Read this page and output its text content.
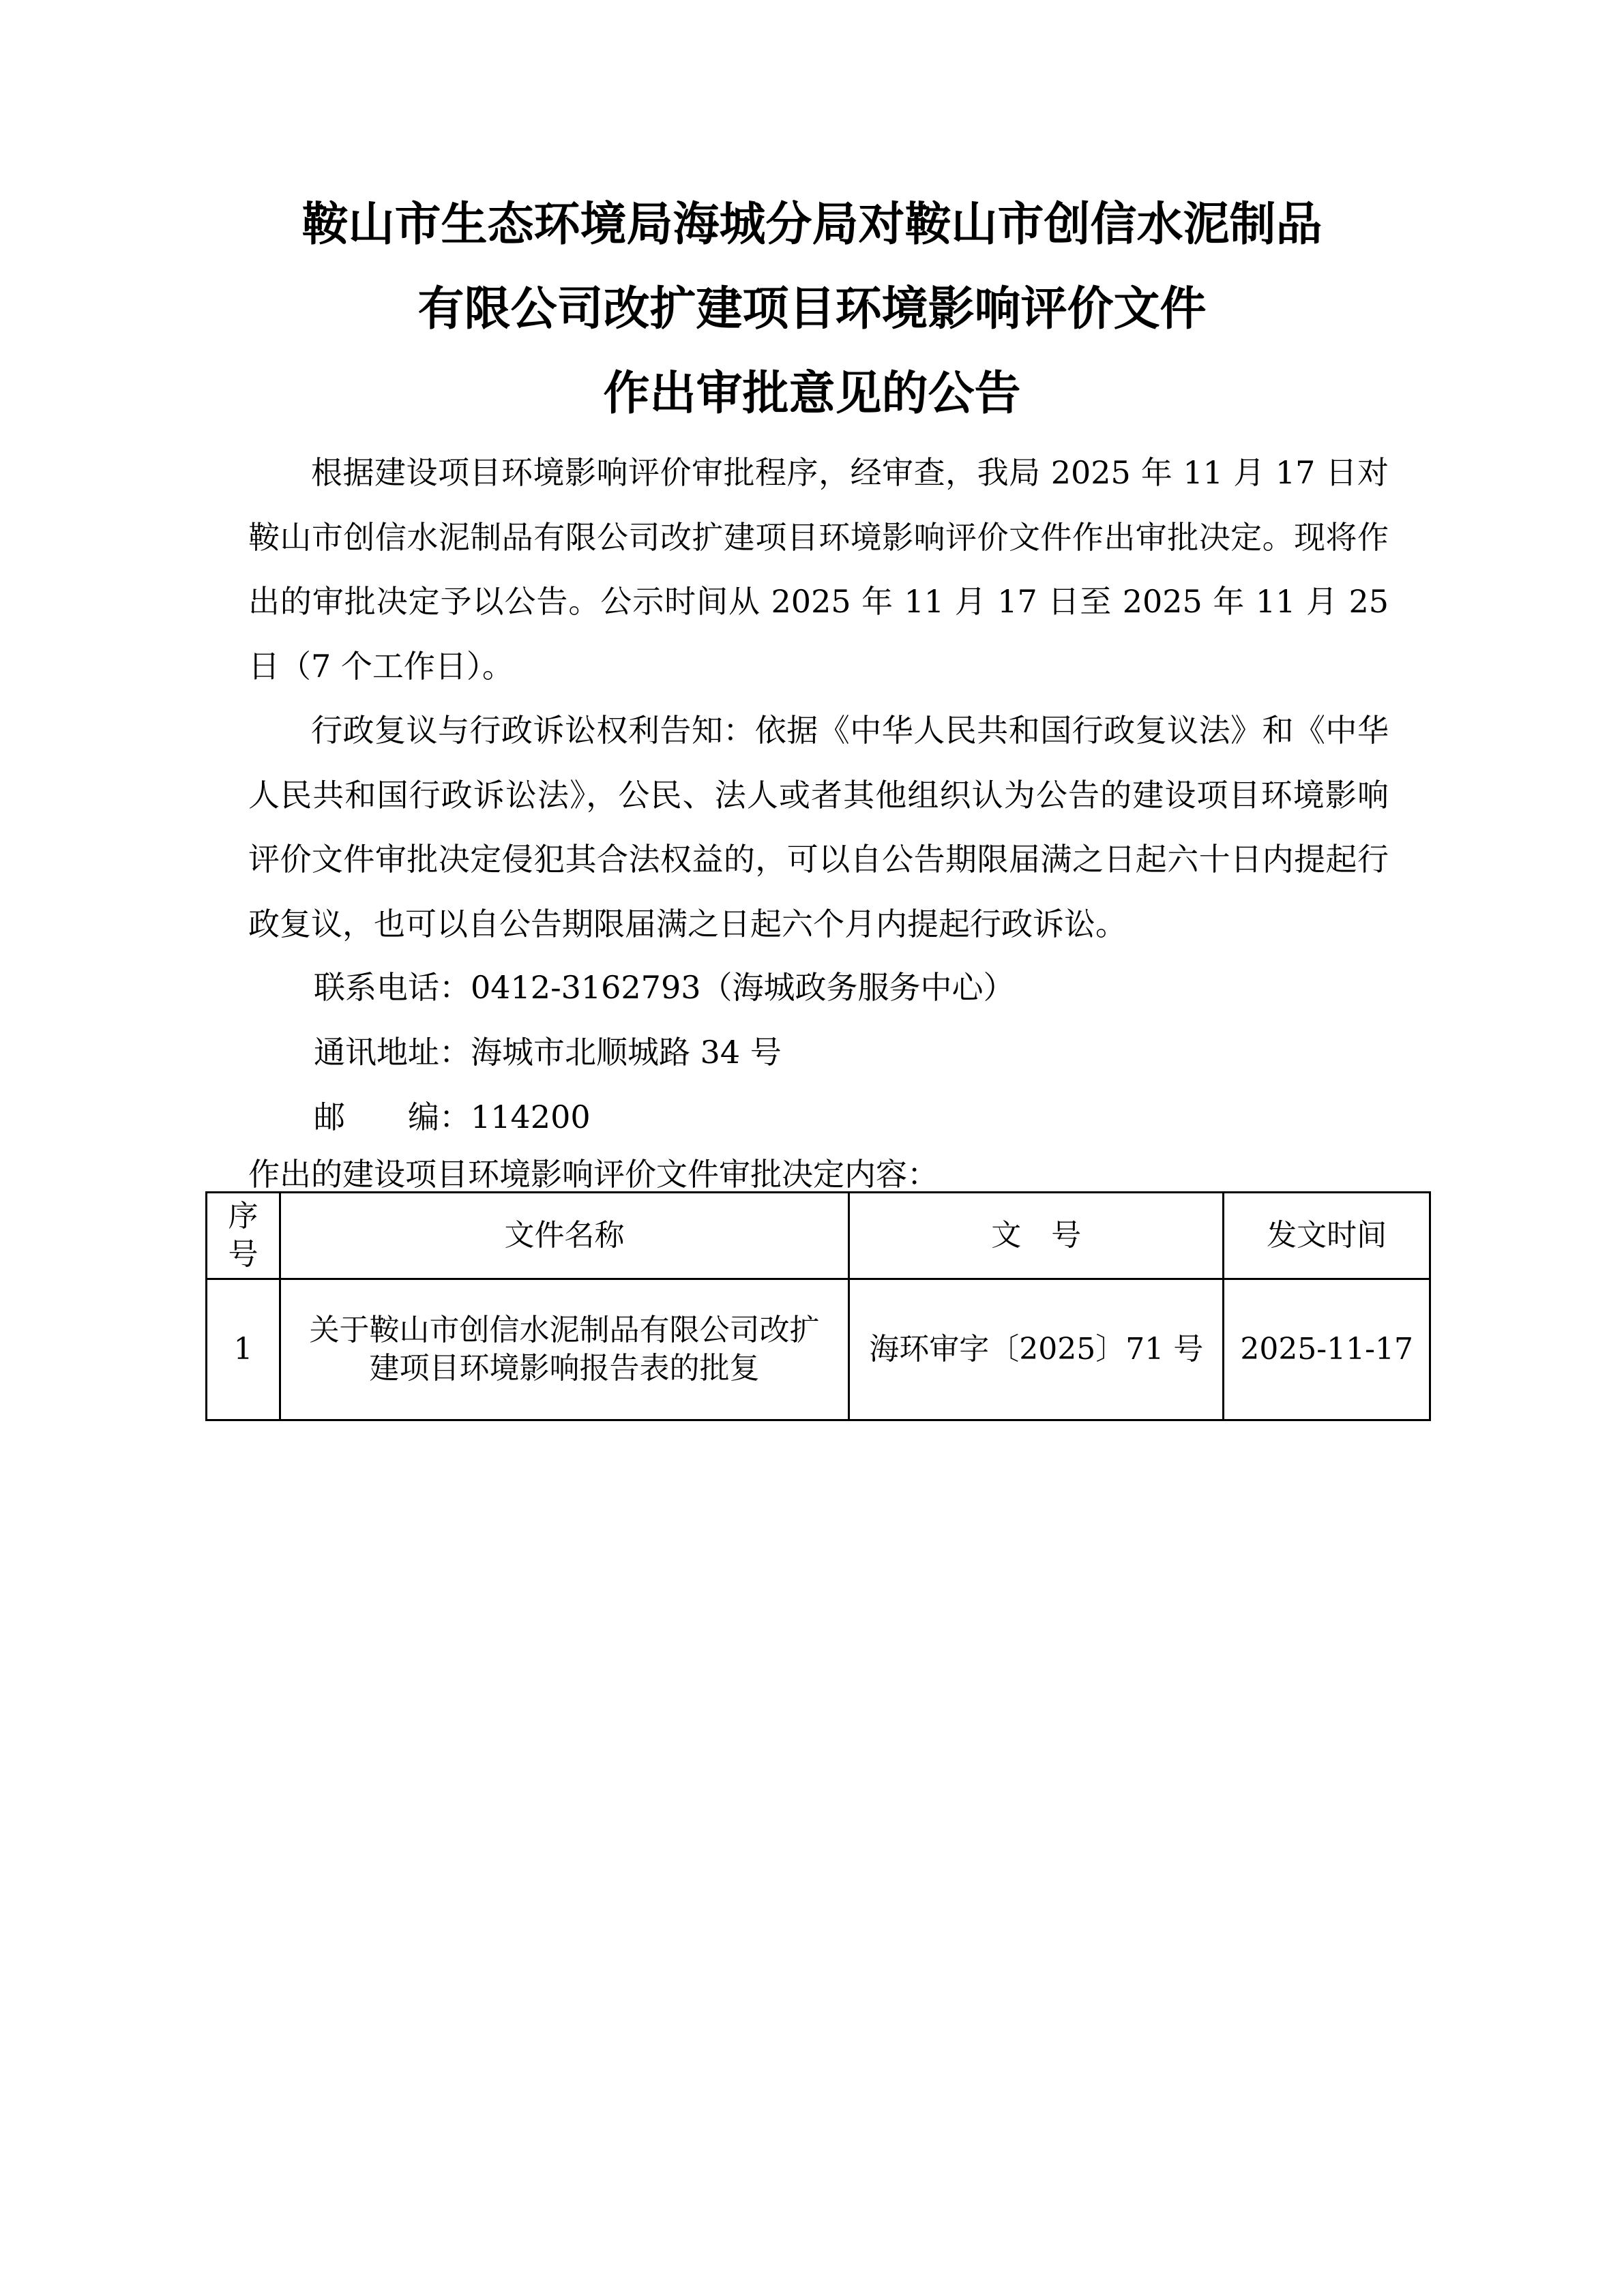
鞍山市生态环境局海城分局对鞍山市创信水泥制品
有限公司改扩建项目环境影响评价文件
作出审批意见的公告

根据建设项目环境影响评价审批程序，经审查，我局 2025 年 11 月 17 日对鞍山市创信水泥制品有限公司改扩建项目环境影响评价文件作出审批决定。现将作出的审批决定予以公告。公示时间从 2025 年 11 月 17 日至 2025 年 11 月 25 日（7 个工作日）。

行政复议与行政诉讼权利告知：依据《中华人民共和国行政复议法》和《中华人民共和国行政诉讼法》，公民、法人或者其他组织认为公告的建设项目环境影响评价文件审批决定侵犯其合法权益的，可以自公告期限届满之日起六十日内提起行政复议，也可以自公告期限届满之日起六个月内提起行政诉讼。

联系电话：0412-3162793（海城政务服务中心）
通讯地址：海城市北顺城路 34 号
邮　　编：114200
作出的建设项目环境影响评价文件审批决定内容：
序号	文件名称	文　号	发文时间
1	关于鞍山市创信水泥制品有限公司改扩建项目环境影响报告表的批复	海环审字〔2025〕71 号	2025-11-17
